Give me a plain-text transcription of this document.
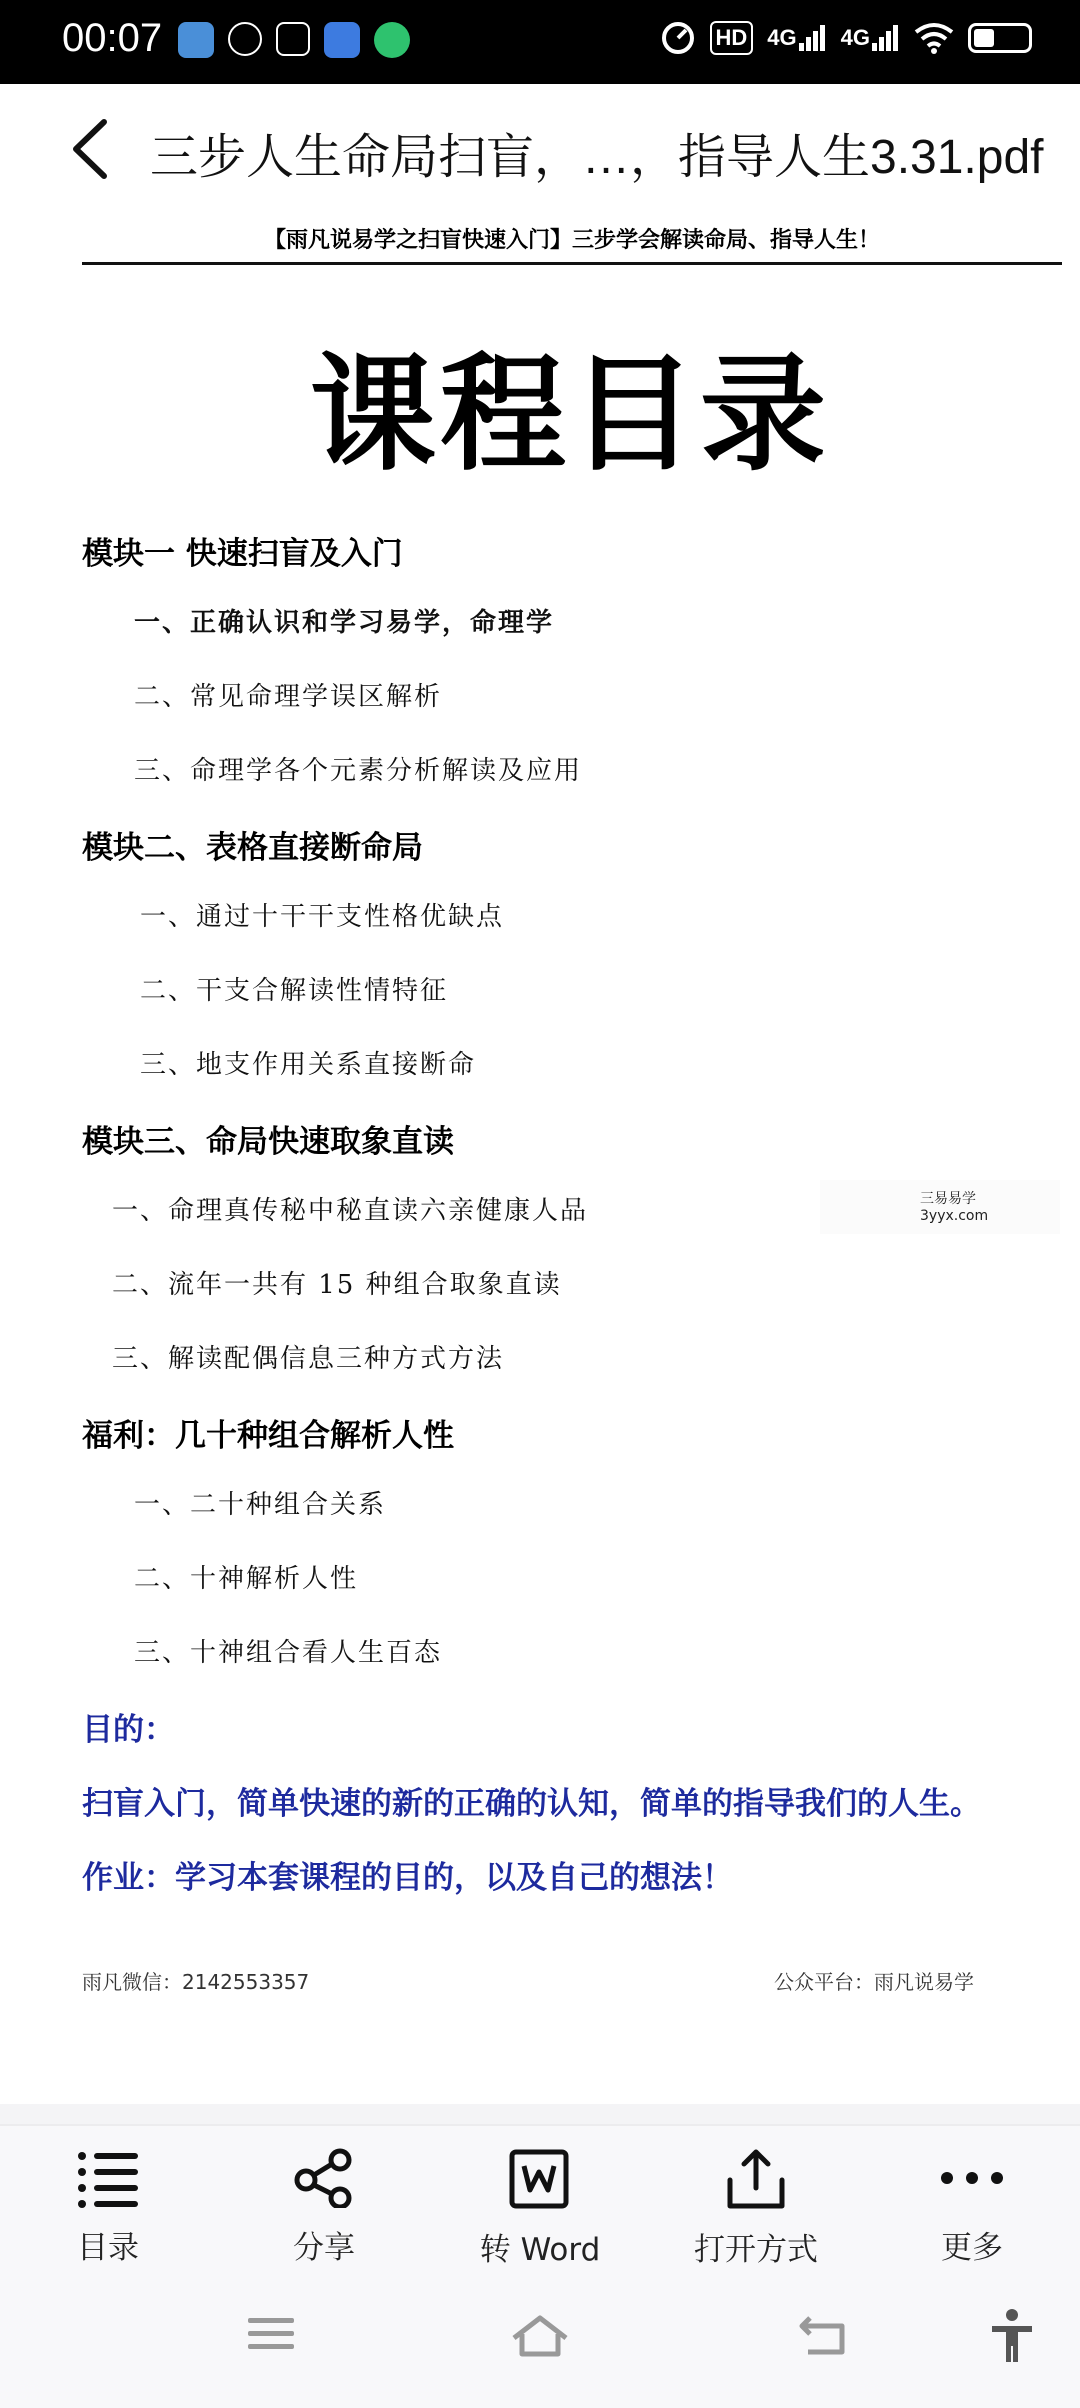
00:07	HD 4G 4G
三步人生命局扫盲，…，指导人生3.31.pdf
【雨凡说易学之扫盲快速入门】三步学会解读命局、指导人生！
课程目录
模块一 快速扫盲及入门
一、正确认识和学习易学，命理学
二、常见命理学误区解析
三、命理学各个元素分析解读及应用
模块二、表格直接断命局
一、通过十干干支性格优缺点
二、干支合解读性情特征
三、地支作用关系直接断命
模块三、命局快速取象直读
一、命理真传秘中秘直读六亲健康人品
二、流年一共有 15 种组合取象直读
三、解读配偶信息三种方式方法
三易易学
3yyx.com
福利：几十种组合解析人性
一、二十种组合关系
二、十神解析人性
三、十神组合看人生百态
目的：
扫盲入门，简单快速的新的正确的认知，简单的指导我们的人生。
作业：学习本套课程的目的，以及自己的想法！
雨凡微信：2142553357	公众平台：雨凡说易学
目录	分享	转 Word	打开方式	更多
